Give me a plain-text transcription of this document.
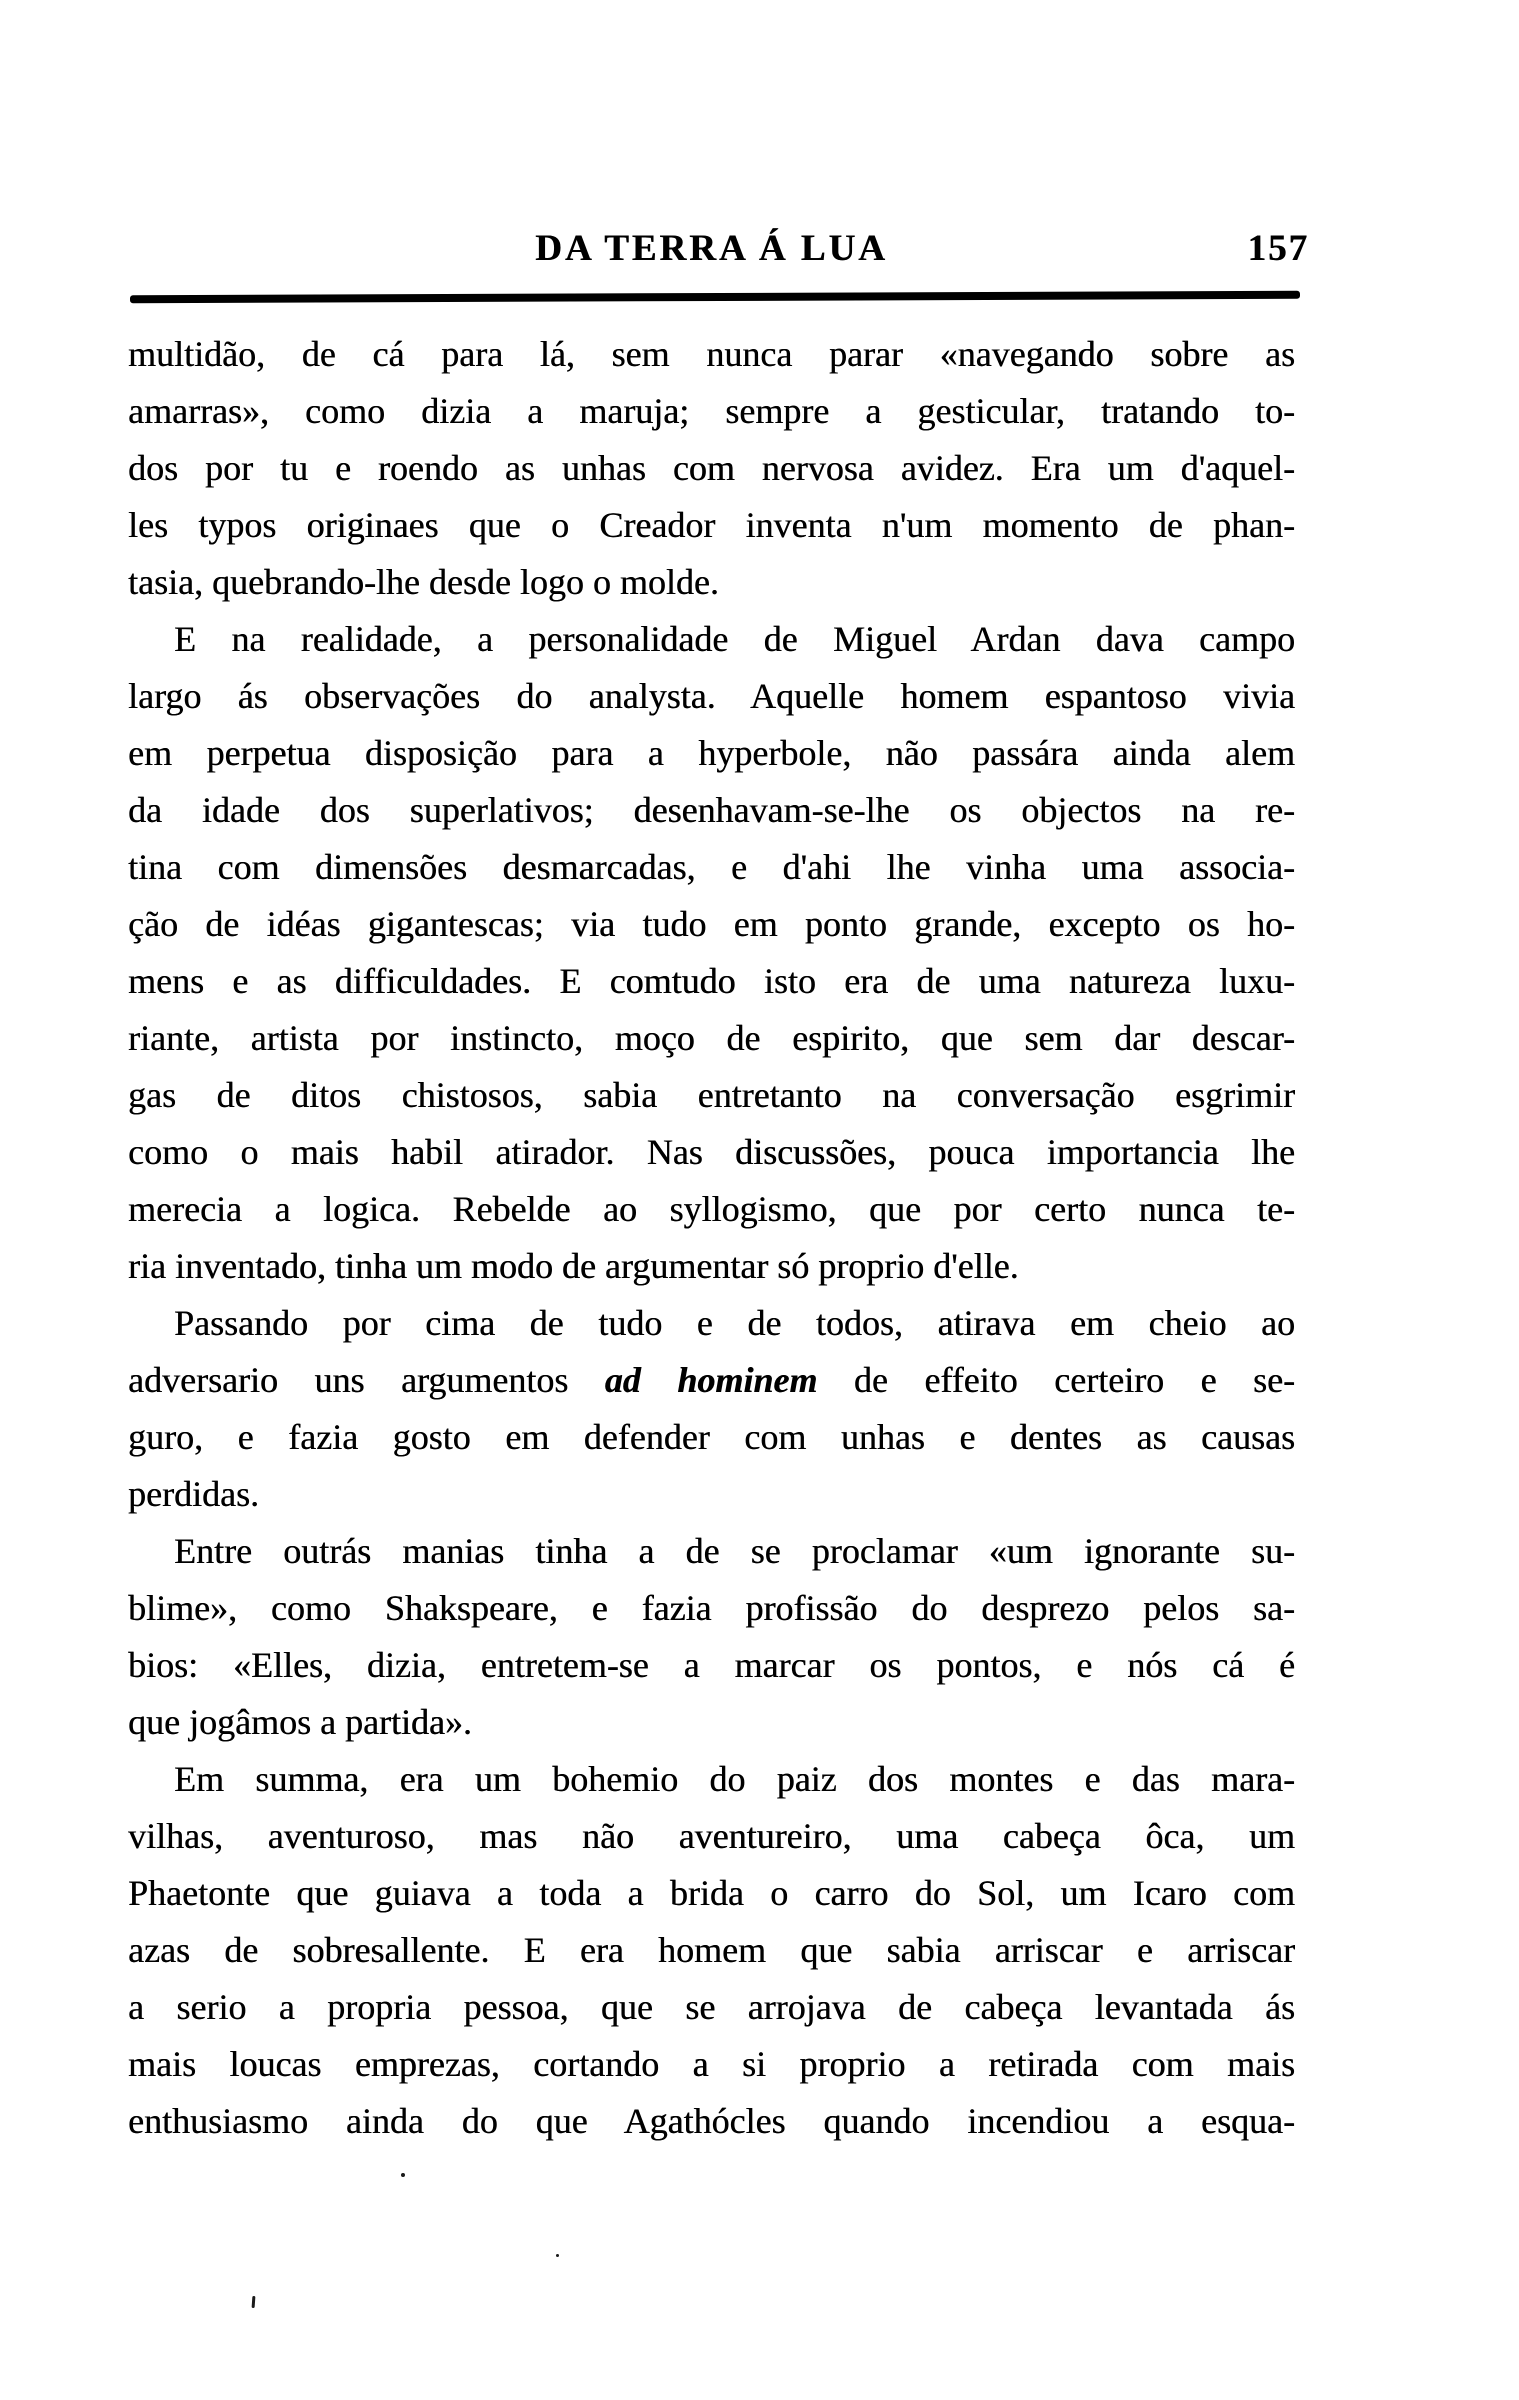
DA TERRA Á LUA	157
multidão, de cá para lá, sem nunca parar «navegando sobre as
amarras», como dizia a maruja; sempre a gesticular, tratando to-
dos por tu e roendo as unhas com nervosa avidez. Era um d'aquel-
les typos originaes que o Creador inventa n'um momento de phan-
tasia, quebrando-lhe desde logo o molde.
E na realidade, a personalidade de Miguel Ardan dava campo
largo ás observações do analysta. Aquelle homem espantoso vivia
em perpetua disposição para a hyperbole, não passára ainda alem
da idade dos superlativos; desenhavam-se-lhe os objectos na re-
tina com dimensões desmarcadas, e d'ahi lhe vinha uma associa-
ção de idéas gigantescas; via tudo em ponto grande, excepto os ho-
mens e as difficuldades. E comtudo isto era de uma natureza luxu-
riante, artista por instincto, moço de espirito, que sem dar descar-
gas de ditos chistosos, sabia entretanto na conversação esgrimir
como o mais habil atirador. Nas discussões, pouca importancia lhe
merecia a logica. Rebelde ao syllogismo, que por certo nunca te-
ria inventado, tinha um modo de argumentar só proprio d'elle.
Passando por cima de tudo e de todos, atirava em cheio ao
adversario uns argumentos ad hominem de effeito certeiro e se-
guro, e fazia gosto em defender com unhas e dentes as causas
perdidas.
Entre outrás manias tinha a de se proclamar «um ignorante su-
blime», como Shakspeare, e fazia profissão do desprezo pelos sa-
bios: «Elles, dizia, entretem-se a marcar os pontos, e nós cá é
que jogâmos a partida».
Em summa, era um bohemio do paiz dos montes e das mara-
vilhas, aventuroso, mas não aventureiro, uma cabeça ôca, um
Phaetonte que guiava a toda a brida o carro do Sol, um Icaro com
azas de sobresallente. E era homem que sabia arriscar e arriscar
a serio a propria pessoa, que se arrojava de cabeça levantada ás
mais loucas emprezas, cortando a si proprio a retirada com mais
enthusiasmo ainda do que Agathócles quando incendiou a esqua-
